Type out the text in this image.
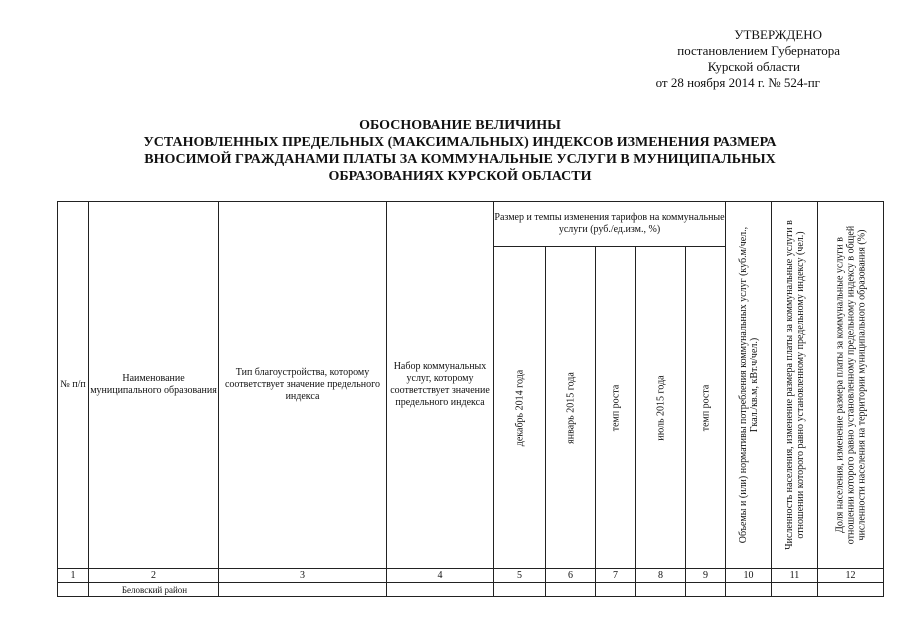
УТВЕРЖДЕНО
постановлением Губернатора
Курской области
от 28 ноября 2014 г. № 524-пг
ОБОСНОВАНИЕ ВЕЛИЧИНЫ
УСТАНОВЛЕННЫХ ПРЕДЕЛЬНЫХ (МАКСИМАЛЬНЫХ) ИНДЕКСОВ ИЗМЕНЕНИЯ РАЗМЕРА
ВНОСИМОЙ ГРАЖДАНАМИ ПЛАТЫ ЗА КОММУНАЛЬНЫЕ УСЛУГИ В МУНИЦИПАЛЬНЫХ
ОБРАЗОВАНИЯХ КУРСКОЙ ОБЛАСТИ
№ п/п	Наименование муниципального образования	Тип благоустройства, которому соответствует значение предельного индекса	Набор коммунальных услуг, которому соответствует значение предельного индекса	Размер и темпы изменения тарифов на коммунальные услуги (руб./ед.изм., %)					Объемы и (или) нормативы потребления коммунальных услуг (куб.м/чел., Гкал./кв.м, кВт.ч/чел.)	Численность населения, изменение размера платы за коммунальные услуги в отношении которого равно установленному предельному индексу (чел.)	Доля населения, изменение размера платы за коммунальные услуги в отношении которого равно установленному предельному индексу в общей численности населения на территории муниципального образования (%)

				декабрь 2014 года	январь 2015 года	темп роста	июль 2015 года	темп роста			

1	2	3	4	5	6	7	8	9	10	11	12
	Беловский район										
